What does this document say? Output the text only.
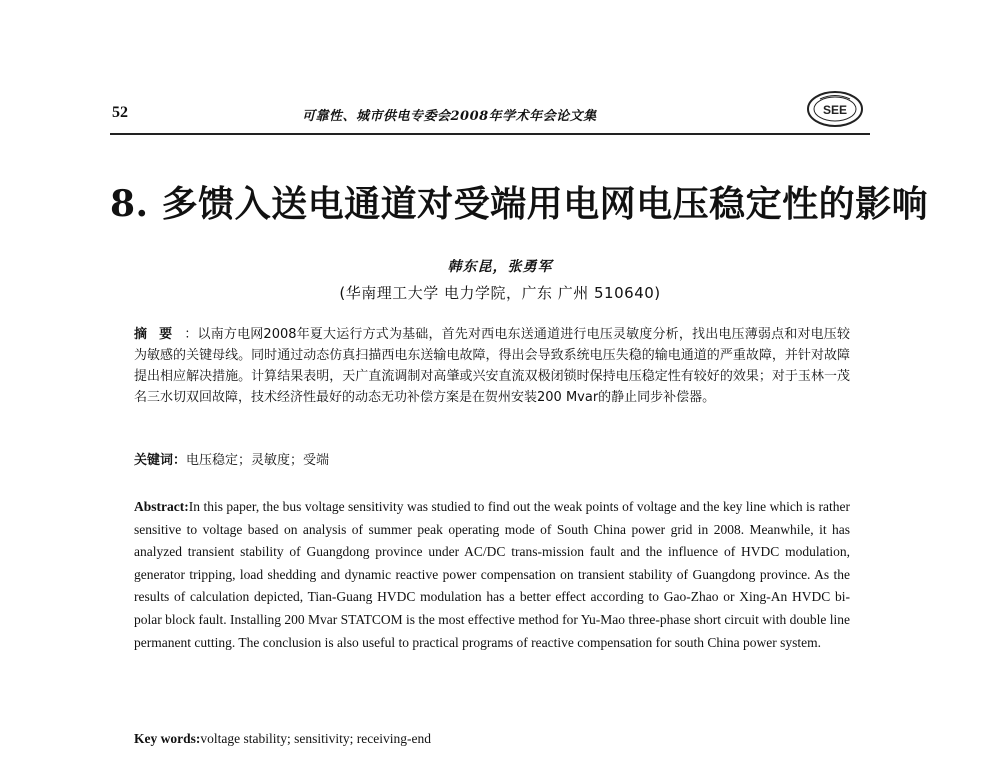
52	可靠性、城市供电专委会2008年学术年会论文集	SEE
8. 多馈入送电通道对受端用电网电压稳定性的影响
韩东昆，张勇军
(华南理工大学 电力学院，广东 广州 510640)
摘要：以南方电网2008年夏大运行方式为基础，首先对西电东送通道进行电压灵敏度分析，找出电压薄弱点和对电压较为敏感的关键母线。同时通过动态仿真扫描西电东送输电故障，得出会导致系统电压失稳的输电通道的严重故障，并针对故障提出相应解决措施。计算结果表明，天广直流调制对高肇或兴安直流双极闭锁时保持电压稳定性有较好的效果；对于玉林一茂名三水切双回故障，技术经济性最好的动态无功补偿方案是在贺州安装200 Mvar的静止同步补偿器。
关键词：电压稳定；灵敏度；受端
Abstract:In this paper, the bus voltage sensitivity was studied to find out the weak points of voltage and the key line which is rather sensitive to voltage based on analysis of summer peak operating mode of South China power grid in 2008. Meanwhile, it has analyzed transient stability of Guangdong province under AC/DC trans-mission fault and the influence of HVDC modulation, generator tripping, load shedding and dynamic reactive power compensation on transient stability of Guangdong province. As the results of calculation depicted, Tian-Guang HVDC modulation has a better effect according to Gao-Zhao or Xing-An HVDC bi-polar block fault. Installing 200 Mvar STATCOM is the most effective method for Yu-Mao three-phase short circuit with double line permanent cutting. The conclusion is also useful to practical programs of reactive compensation for south China power system.
Key words:voltage stability; sensitivity; receiving-end
